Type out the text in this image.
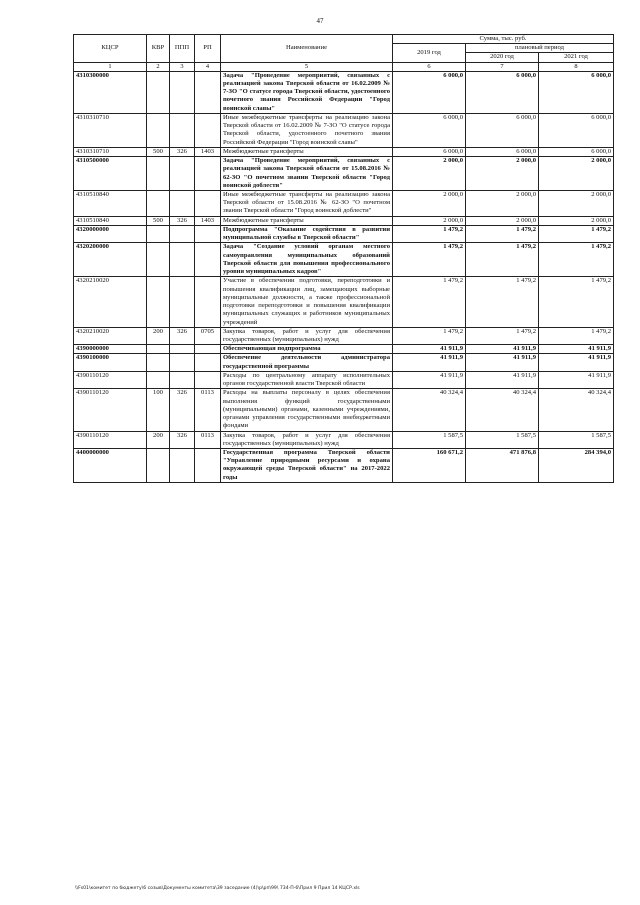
47
КЦСР	КВР	ППП	РП	Наименование	Сумма, тыс. руб.		
					2019 год	плановый период	
						2020 год	2021 год
1	2	3	4	5	6	7	8
4310300000				Задача "Проведение мероприятий, связанных с реализацией закона Тверской области от 16.02.2009 № 7-ЗО "О статусе города Тверской области, удостоенного почетного звания Российской Федерации "Город воинской славы"	6 000,0	6 000,0	6 000,0
4310310710				Иные межбюджетные трансферты на реализацию закона Тверской области от 16.02.2009 № 7-ЗО "О статусе города Тверской области, удостоенного почетного звания Российской Федерации "Город воинской славы"	6 000,0	6 000,0	6 000,0
4310310710	500	326	1403	Межбюджетные трансферты	6 000,0	6 000,0	6 000,0
4310500000				Задача "Проведение мероприятий, связанных с реализацией закона Тверской области от 15.08.2016 № 62-ЗО "О почетном звании Тверской области "Город воинской доблести"	2 000,0	2 000,0	2 000,0
4310510840				Иные межбюджетные трансферты на реализацию закона Тверской области от 15.08.2016 № 62-ЗО "О почетном звании Тверской области "Город воинской доблести"	2 000,0	2 000,0	2 000,0
4310510840	500	326	1403	Межбюджетные трансферты	2 000,0	2 000,0	2 000,0
4320000000				Подпрограмма "Оказание содействия в развитии муниципальной службы в Тверской области"	1 479,2	1 479,2	1 479,2
4320200000				Задача "Создание условий органам местного самоуправления муниципальных образований Тверской области для повышения профессионального уровня муниципальных кадров"	1 479,2	1 479,2	1 479,2
4320210020				Участие в обеспечении подготовки, переподготовки и повышения квалификации лиц, замещающих выборные муниципальные должности, а также профессиональной подготовки переподготовки и повышения квалификации муниципальных служащих и работников муниципальных учреждений	1 479,2	1 479,2	1 479,2
4320210020	200	326	0705	Закупка товаров, работ и услуг для обеспечения государственных (муниципальных) нужд	1 479,2	1 479,2	1 479,2
4390000000				Обеспечивающая подпрограмма	41 911,9	41 911,9	41 911,9
4390100000				Обеспечение деятельности администратора государственной программы	41 911,9	41 911,9	41 911,9
4390110120				Расходы по центральному аппарату исполнительных органов государственной власти Тверской области	41 911,9	41 911,9	41 911,9
4390110120	100	326	0113	Расходы на выплаты персоналу в целях обеспечения выполнения функций государственными (муниципальными) органами, казенными учреждениями, органами управления государственными внебюджетными фондами	40 324,4	40 324,4	40 324,4
4390110120	200	326	0113	Закупка товаров, работ и услуг для обеспечения государственных (муниципальных) нужд	1 587,5	1 587,5	1 587,5
4400000000				Государственная программа Тверской области "Управление природными ресурсами и охрана окружающей среды Тверской области" на 2017-2022 годы	160 671,2	471 876,8	284 394,0
\\Fs01\комитет по бюджету\6 созыв\Документы комитета\39 заседание (4)\р\рп\99\ 734-П-6\Прил 9 Прил 14 КЦСР.xls
